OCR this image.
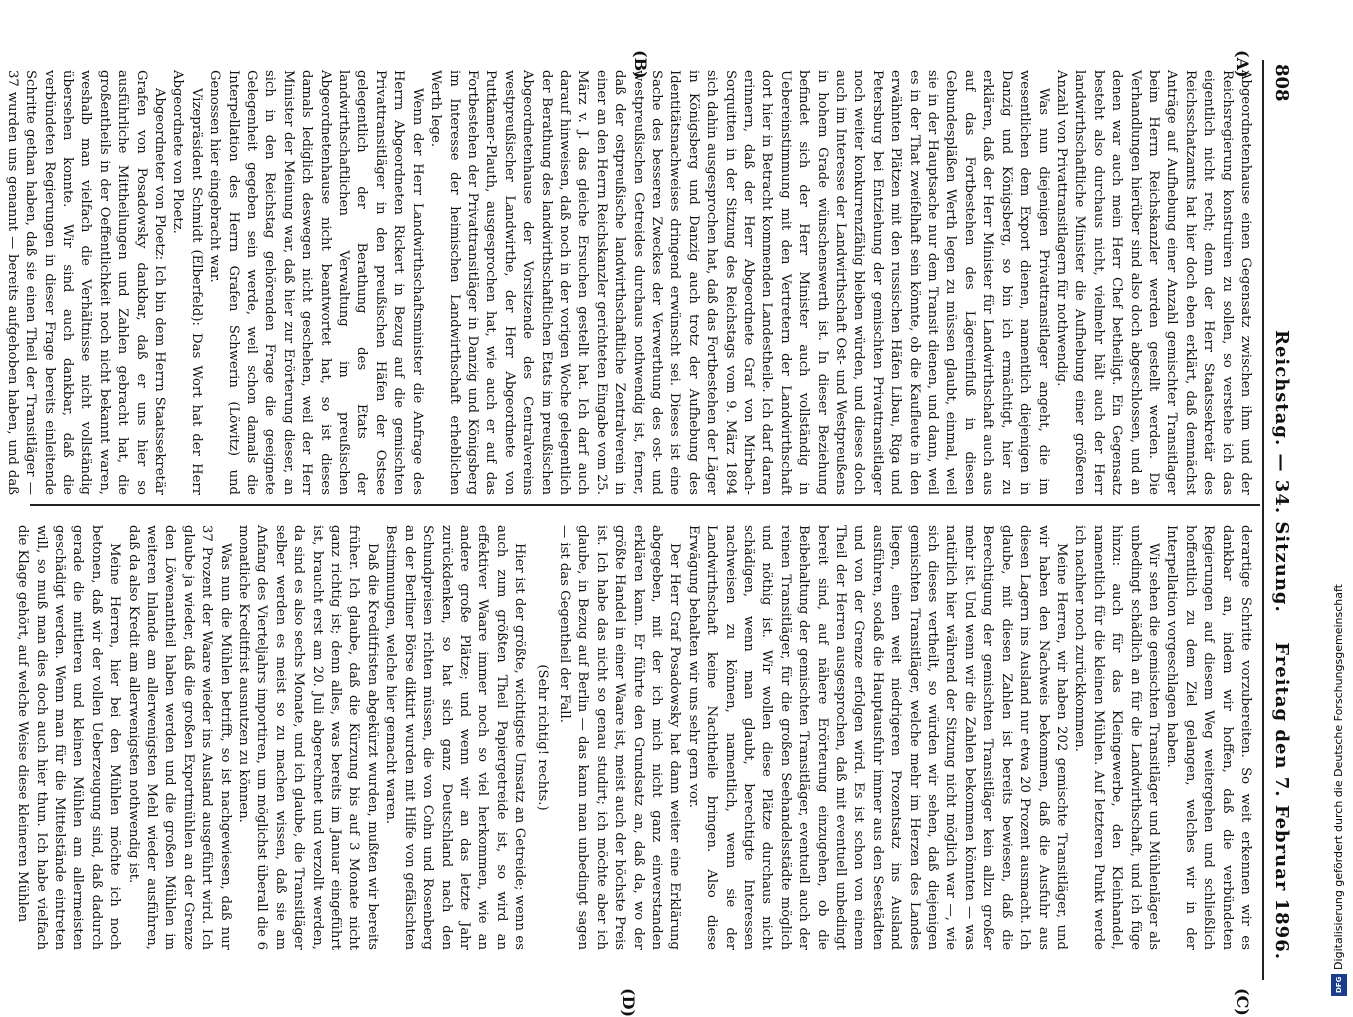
808
Reichstag. — 34. Sitzung.
Freitag den 7. Februar 1896.
(A)
(B)
(C)
(D)

Abgeordnetenhause einen Gegensatz zwischen ihm und der Reichsregierung konstruiren zu sollen, so verstehe ich das eigentlich nicht recht; denn der Herr Staatssekretär des Reichsschatzamts hat hier doch eben erklärt, daß demnächst Anträge auf Aufhebung einer Anzahl gemischter Transitlager beim Herrn Reichskanzler werden gestellt werden. Die Verhandlungen hierüber sind also doch abgeschlossen, und an denen war auch mein Herr Chef betheiligt. Ein Gegensatz besteht also durchaus nicht, vielmehr hält auch der Herr landwirthschaftliche Minister die Aufhebung einer größeren Anzahl von Privattransitlagern für nothwendig.

Was nun diejenigen Privattransitlager angeht, die im wesentlichen dem Export dienen, namentlich diejenigen in Danzig und Königsberg, so bin ich ermächtigt, hier zu erklären, daß der Herr Minister für Landwirthschaft auch aus auf das Fortbestehen des Lägereinfluß in diesen Gebundespläßen Werth legen zu müssen glaubt, einmal, weil sie in der Hauptsache nur dem Transit dienen, und dann, weil es in der That zweifelhaft sein könnte, ob die Kaufleute in den erwähnten Plätzen mit den russischen Häfen Libau, Riga und Petersburg bei Entziehung der gemischten Privattransitlager noch weiter konkurrenzfähig bleiben würden, und dieses doch auch im Interesse der Landwirthschaft Ost- und Westpreußens in hohem Grade wünschenswerth ist. In dieser Beziehung befindet sich der Herr Minister auch vollständig in Uebereinstimmung mit den Vertretern der Landwirthschaft dort hier in Betracht kommenden Landestheile. Ich darf daran erinnern, daß der Herr Abgeordnete Graf von Mirbach-Sorquitten in der Sitzung des Reichstags vom 9. März 1894 sich dahin ausgesprochen hat, daß das Fortbestehen der Läger in Königsberg und Danzig auch trotz der Aufhebung des Identitätsnachweises dringend erwünscht sei. Dieses ist eine Sache des besseren Zweckes der Verwerthung des ost- und westpreußischen Getreides durchaus nothwendig ist, ferner, daß der ostpreußische landwirthschaftliche Zentralverein in einer an den Herrn Reichskanzler gerichteten Eingabe vom 25. März v. J. das gleiche Ersuchen gestellt hat. Ich darf auch darauf hinweisen, daß noch in der vorigen Woche gelegentlich der Berathung des landwirthschaftlichen Etats im preußischen Abgeordnetenhause der Vorsitzende des Centralvereins westpreußischer Landwirthe, der Herr Abgeordnete von Puttkamer-Plauth, ausgesprochen hat, wie auch er auf das Fortbestehen der Privattransitläger in Danzig und Königsberg im Interesse der heimischen Landwirthschaft erheblichen Werth lege.

Wenn der Herr Landwirthschaftsminister die Anfrage des Herrn Abgeordneten Rickert in Bezug auf die gemischten Privattransitläger in den preußischen Häfen der Ostsee gelegentlich der Berathung des Etats der landwirthschaftlichen Verwaltung im preußischen Abgeordnetenhause nicht beantwortet hat, so ist dieses damals lediglich deswegen nicht geschehen, weil der Herr Minister der Meinung war, daß hier zur Erörterung dieser, an sich in den Reichstag gehörenden Frage die geeignete Gelegenheit gegeben sein werde, weil schon damals die Interpellation des Herrn Grafen Schwerin (Löwitz) und Genossen hier eingebracht war.

Vizepräsident Schmidt (Elberfeld): Das Wort hat der Herr Abgeordnete von Ploetz.

Abgeordneter von Ploetz: Ich bin dem Herrn Staatssekretär Grafen von Posadowsky dankbar, daß er uns hier so ausführliche Mittheilungen und Zahlen gebracht hat, die großentheils in der Oeffentlichkeit noch nicht bekannt waren, weshalb man vielfach die Verhältnisse nicht vollständig übersehen konnte. Wir sind auch dankbar, daß die verbündeten Regierungen in dieser Frage bereits einleitende Schritte gethan haben, daß sie einen Theil der Transitläger — 37 wurden uns genannt — bereits aufgehoben haben, und daß

derartige Schritte vorzubereiten. So weit erkennen wir es dankbar an, indem wir hoffen, daß die verbündeten Regierungen auf diesem Weg weitergehen und schließlich hoffentlich zu dem Ziel gelangen, welches wir in der Interpellation vorgeschlagen haben.

Wir sehen die gemischten Transitläger und Mühlenläger als unbedingt schädlich an für die Landwirthschaft, und ich füge hinzu: auch für das Kleingewerbe, den Kleinhandel, namentlich für die kleinen Mühlen. Auf letzteren Punkt werde ich nachher noch zurückkommen.

Meine Herren, wir haben 202 gemischte Transitläger, und wir haben den Nachweis bekommen, daß die Ausfuhr aus diesen Lagern ins Ausland nur etwa 20 Prozent ausmacht. Ich glaube, mit diesen Zahlen ist bereits bewiesen, daß die Berechtigung der gemischten Transitläger kein allzu großer mehr ist. Und wenn wir die Zahlen bekommen könnten — was natürlich hier während der Sitzung nicht möglich war —, wie sich dieses vertheilt, so würden wir sehen, daß diejenigen gemischten Transitläger, welche mehr im Herzen des Landes liegen, einen weit niedrigeren Prozentsatz ins Ausland ausführen, sodaß die Hauptausfuhr immer aus den Seestädten und von der Grenze erfolgen wird. Es ist schon von einem Theil der Herren ausgesprochen, daß mit eventuell unbedingt bereit sind, auf nähere Erörterung einzugehen, ob die Beibehaltung der gemischten Transitläger, eventuell auch der reinen Transitläger, für die großen Seehandelsstädte möglich und nöthig ist. Wir wollen diese Plätze durchaus nicht schädigen, wenn man glaubt, berechtigte Interessen nachweisen zu können, namentlich, wenn sie der Landwirthschaft keine Nachtheile bringen. Also diese Erwägung behalten wir uns sehr gern vor.

Der Herr Graf Posadowsky hat dann weiter eine Erklärung abgegeben, mit der ich mich nicht ganz einverstanden erklären kann. Er führte den Grundsatz an, daß da, wo der größte Handel in einer Waare ist, meist auch der höchste Preis ist. Ich habe das nicht so genau studirt; ich möchte aber ich glaube, in Bezug auf Berlin — das kann man unbedingt sagen — ist das Gegentheil der Fall.

(Sehr richtig! rechts.)

Hier ist der größte, wichtigste Umsatz an Getreide; wenn es auch zum größten Theil Papiergetreide ist, so wird an effektiver Waare immer noch so viel herkommen, wie an andere große Plätze; und wenn wir an das letzte Jahr zurückdenken, so hat sich ganz Deutschland nach den Schundpreisen richten müssen, die von Cohn und Rosenberg an der Berliner Börse diktirt wurden mit Hilfe von gefälschten Bestimmungen, welche hier gemacht waren.

Daß die Kreditfristen abgekürzt wurden, mußten wir bereits früher. Ich glaube, daß die Kürzung bis auf 3 Monate nicht ganz richtig ist; denn alles, was bereits im Januar eingeführt ist, braucht erst am 20. Juli abgerechnet und verzollt werden, da sind es also sechs Monate, und ich glaube, die Transitläger selber werden es meist so zu machen wissen, daß sie am Anfang des Vierteljahrs importiren, um möglichst überall die 6 monatliche Kreditfrist ausnutzen zu können.

Was nun die Mühlen betrifft, so ist nachgewiesen, daß nur 37 Prozent der Waare wieder ins Ausland ausgeführt wird. Ich glaube ja wieder, daß die großen Exportmühlen an der Grenze den Löwenantheil haben werden und die großen Mühlen im weiteren Inlande am allerwenigsten Mehl wieder ausführen, daß da also Kredit am allerwenigsten nothwendig ist.

Meine Herren, hier bei den Mühlen möchte ich noch betonen, daß wir der vollen Ueberzeugung sind, daß dadurch gerade die mittleren und kleinen Mühlen am allermeisten geschädigt werden. Wenn man für die Mittelstände eintreten will, so muß man dies doch auch hier thun. Ich habe vielfach die Klage gehört, auf welche Weise diese kleineren Mühlen	Digitalisierung gefördert durch die Deutsche Forschungsgemeinschaft
DFG
